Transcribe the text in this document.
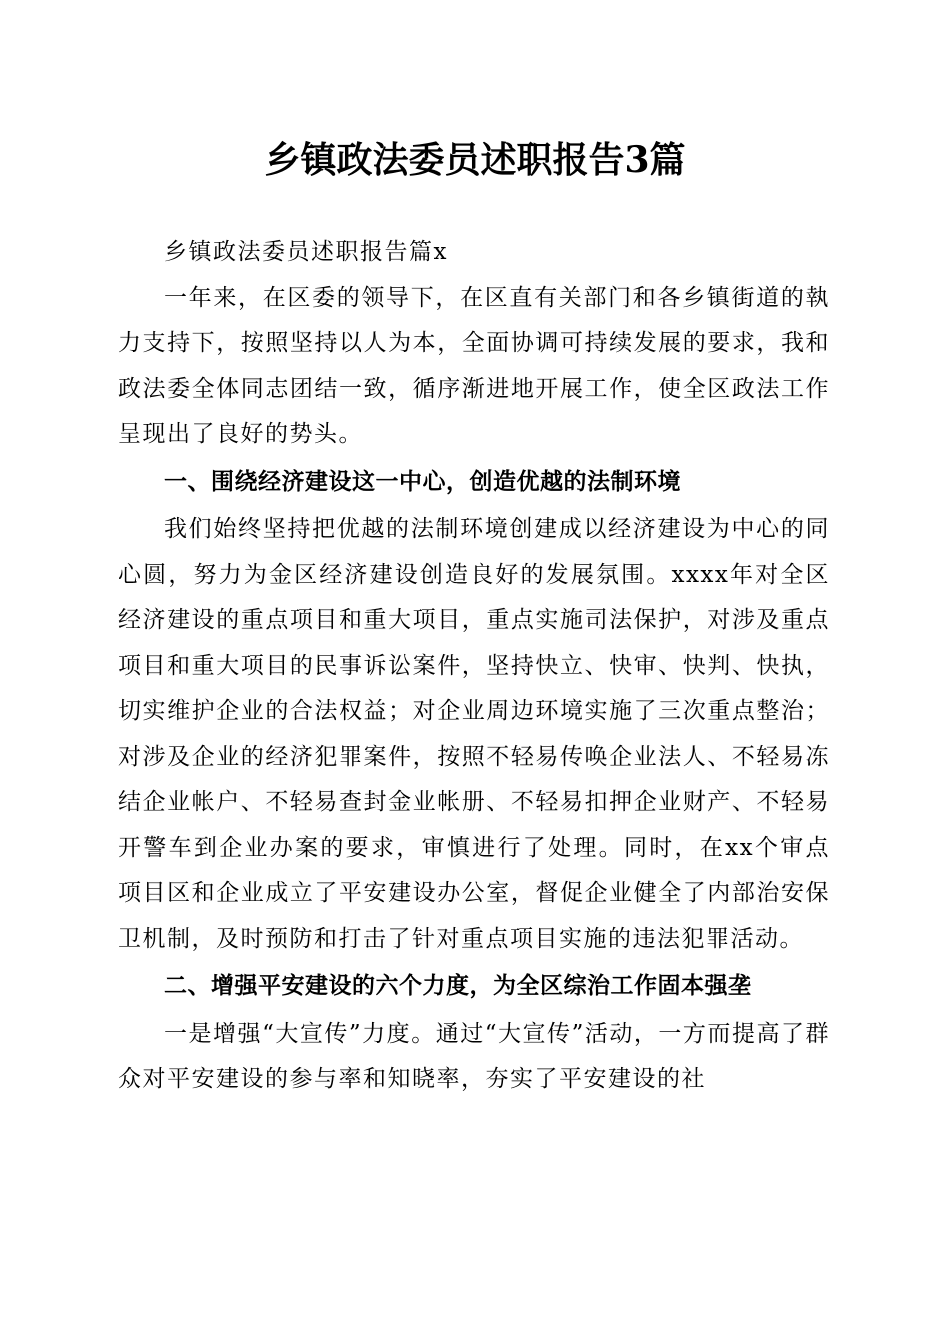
乡镇政法委员述职报告3篇

乡镇政法委员述职报告篇x

一年来，在区委的领导下，在区直有关部门和各乡镇街道的執力支持下，按照坚持以人为本，全面协调可持续发展的要求，我和政法委全体同志团结一致，循序渐进地开展工作，使全区政法工作呈现出了良好的势头。

一、围绕经济建设这一中心，创造优越的法制环境

我们始终坚持把优越的法制环境创建成以经济建设为中心的同心圆，努力为金区经济建设创造良好的发展氛围。xxxx年对全区经济建设的重点项目和重大项目，重点实施司法保护，对涉及重点项目和重大项目的民事诉讼案件，坚持快立、快审、快判、快执，切实维护企业的合法权益；对企业周边环境实施了三次重点整治；对涉及企业的经济犯罪案件，按照不轻易传唤企业法人、不轻易冻结企业帐户、不轻易查封金业帐册、不轻易扣押企业财产、不轻易开警车到企业办案的要求，审慎进行了处理。同时，在xx个审点项目区和企业成立了平安建设办公室，督促企业健全了内部治安保卫机制，及时预防和打击了针对重点项目实施的违法犯罪活动。

二、增强平安建设的六个力度，为全区综治工作固本强垄

一是增强“大宣传”力度。通过“大宣传”活动，一方而提高了群众对平安建设的参与率和知晓率，夯实了平安建设的社
